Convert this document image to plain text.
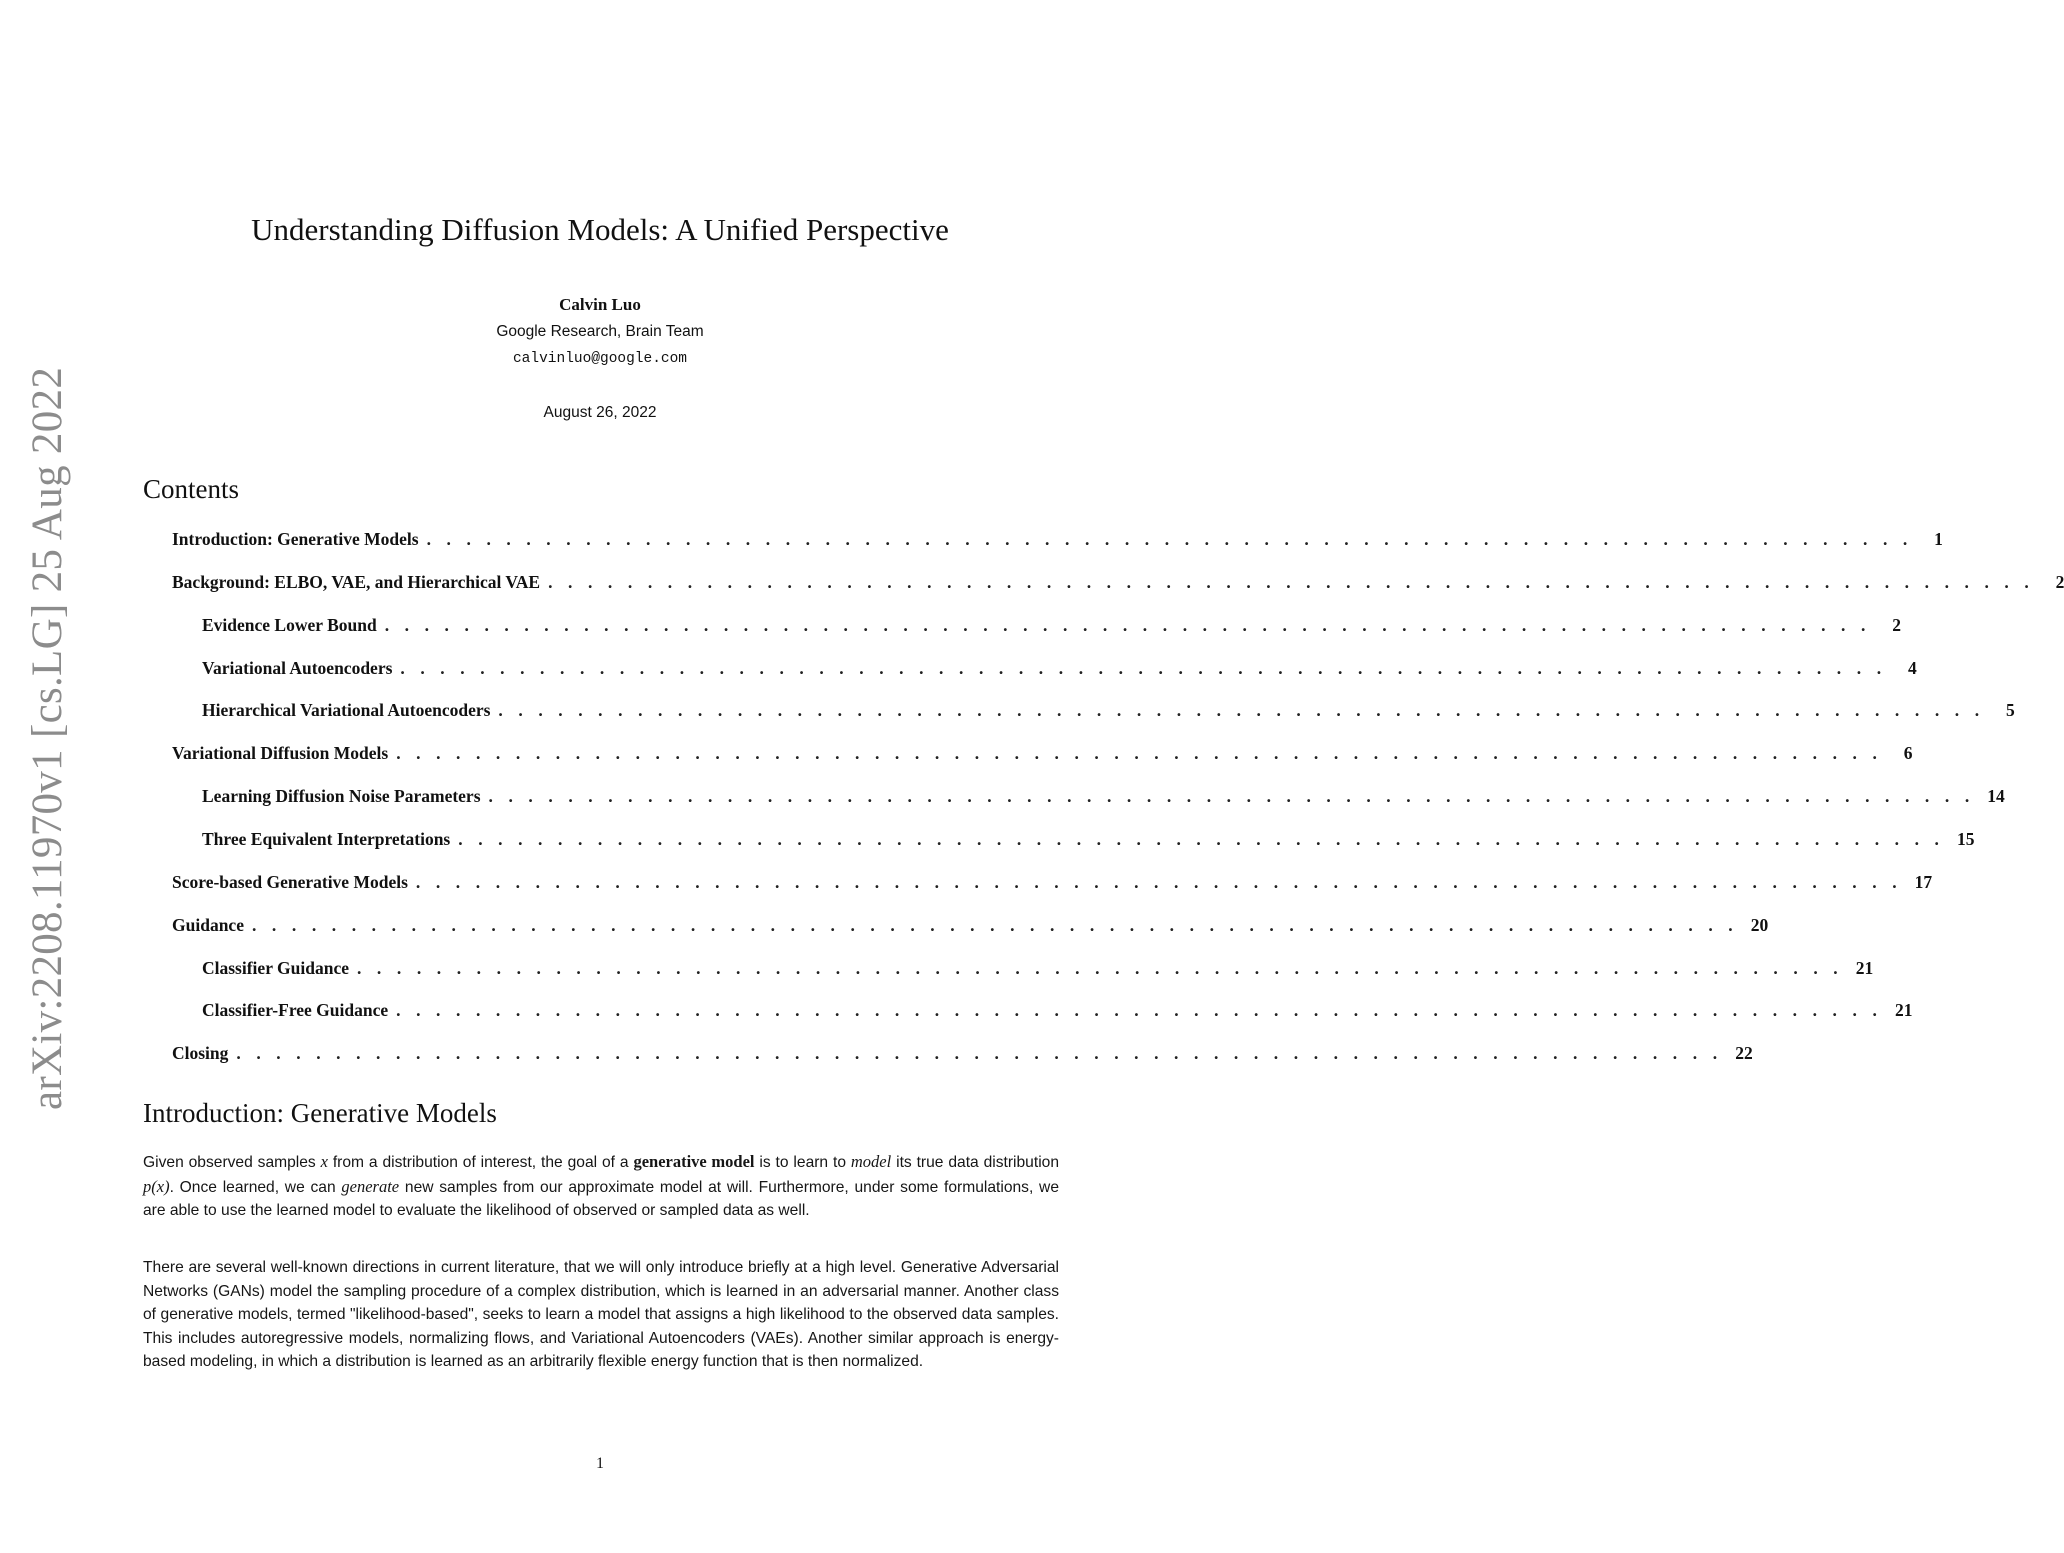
arXiv:2208.11970v1 [cs.LG] 25 Aug 2022
Understanding Diffusion Models: A Unified Perspective
Calvin Luo
Google Research, Brain Team
calvinluo@google.com
August 26, 2022
Contents
Introduction: Generative Models . . . . . . . . . . . . . . . . . . . . . . . . . . . . . . . . . . . . . . . . . . . . . . . . . . . . . . . . . . . . . . . . . . . . . . . . . . .	1
Background: ELBO, VAE, and Hierarchical VAE . . . . . . . . . . . . . . . . . . . . . . . . . . . . . . . . . . . . . . . . . . . . . . . . . . . . . . . . . . . . . . . . . . . . . . . . . . .	2
Evidence Lower Bound . . . . . . . . . . . . . . . . . . . . . . . . . . . . . . . . . . . . . . . . . . . . . . . . . . . . . . . . . . . . . . . . . . . . . . . . . . .	2
Variational Autoencoders . . . . . . . . . . . . . . . . . . . . . . . . . . . . . . . . . . . . . . . . . . . . . . . . . . . . . . . . . . . . . . . . . . . . . . . . . . .	4
Hierarchical Variational Autoencoders . . . . . . . . . . . . . . . . . . . . . . . . . . . . . . . . . . . . . . . . . . . . . . . . . . . . . . . . . . . . . . . . . . . . . . . . . . .	5
Variational Diffusion Models . . . . . . . . . . . . . . . . . . . . . . . . . . . . . . . . . . . . . . . . . . . . . . . . . . . . . . . . . . . . . . . . . . . . . . . . . . .	6
Learning Diffusion Noise Parameters . . . . . . . . . . . . . . . . . . . . . . . . . . . . . . . . . . . . . . . . . . . . . . . . . . . . . . . . . . . . . . . . . . . . . . . . . . . 14
Three Equivalent Interpretations . . . . . . . . . . . . . . . . . . . . . . . . . . . . . . . . . . . . . . . . . . . . . . . . . . . . . . . . . . . . . . . . . . . . . . . . . . . 15
Score-based Generative Models . . . . . . . . . . . . . . . . . . . . . . . . . . . . . . . . . . . . . . . . . . . . . . . . . . . . . . . . . . . . . . . . . . . . . . . . . . . 17
Guidance . . . . . . . . . . . . . . . . . . . . . . . . . . . . . . . . . . . . . . . . . . . . . . . . . . . . . . . . . . . . . . . . . . . . . . . . . . . 20
Classifier Guidance . . . . . . . . . . . . . . . . . . . . . . . . . . . . . . . . . . . . . . . . . . . . . . . . . . . . . . . . . . . . . . . . . . . . . . . . . . . 21
Classifier-Free Guidance . . . . . . . . . . . . . . . . . . . . . . . . . . . . . . . . . . . . . . . . . . . . . . . . . . . . . . . . . . . . . . . . . . . . . . . . . . . 21
Closing . . . . . . . . . . . . . . . . . . . . . . . . . . . . . . . . . . . . . . . . . . . . . . . . . . . . . . . . . . . . . . . . . . . . . . . . . . . 22
Introduction: Generative Models

Given observed samples x from a distribution of interest, the goal of a generative model is to learn to model its true data distribution p(x). Once learned, we can generate new samples from our approximate model at will. Furthermore, under some formulations, we are able to use the learned model to evaluate the likelihood of observed or sampled data as well.

There are several well-known directions in current literature, that we will only introduce briefly at a high level. Generative Adversarial Networks (GANs) model the sampling procedure of a complex distribution, which is learned in an adversarial manner. Another class of generative models, termed "likelihood-based", seeks to learn a model that assigns a high likelihood to the observed data samples. This includes autoregressive models, normalizing flows, and Variational Autoencoders (VAEs). Another similar approach is energy-based modeling, in which a distribution is learned as an arbitrarily flexible energy function that is then normalized.

1
